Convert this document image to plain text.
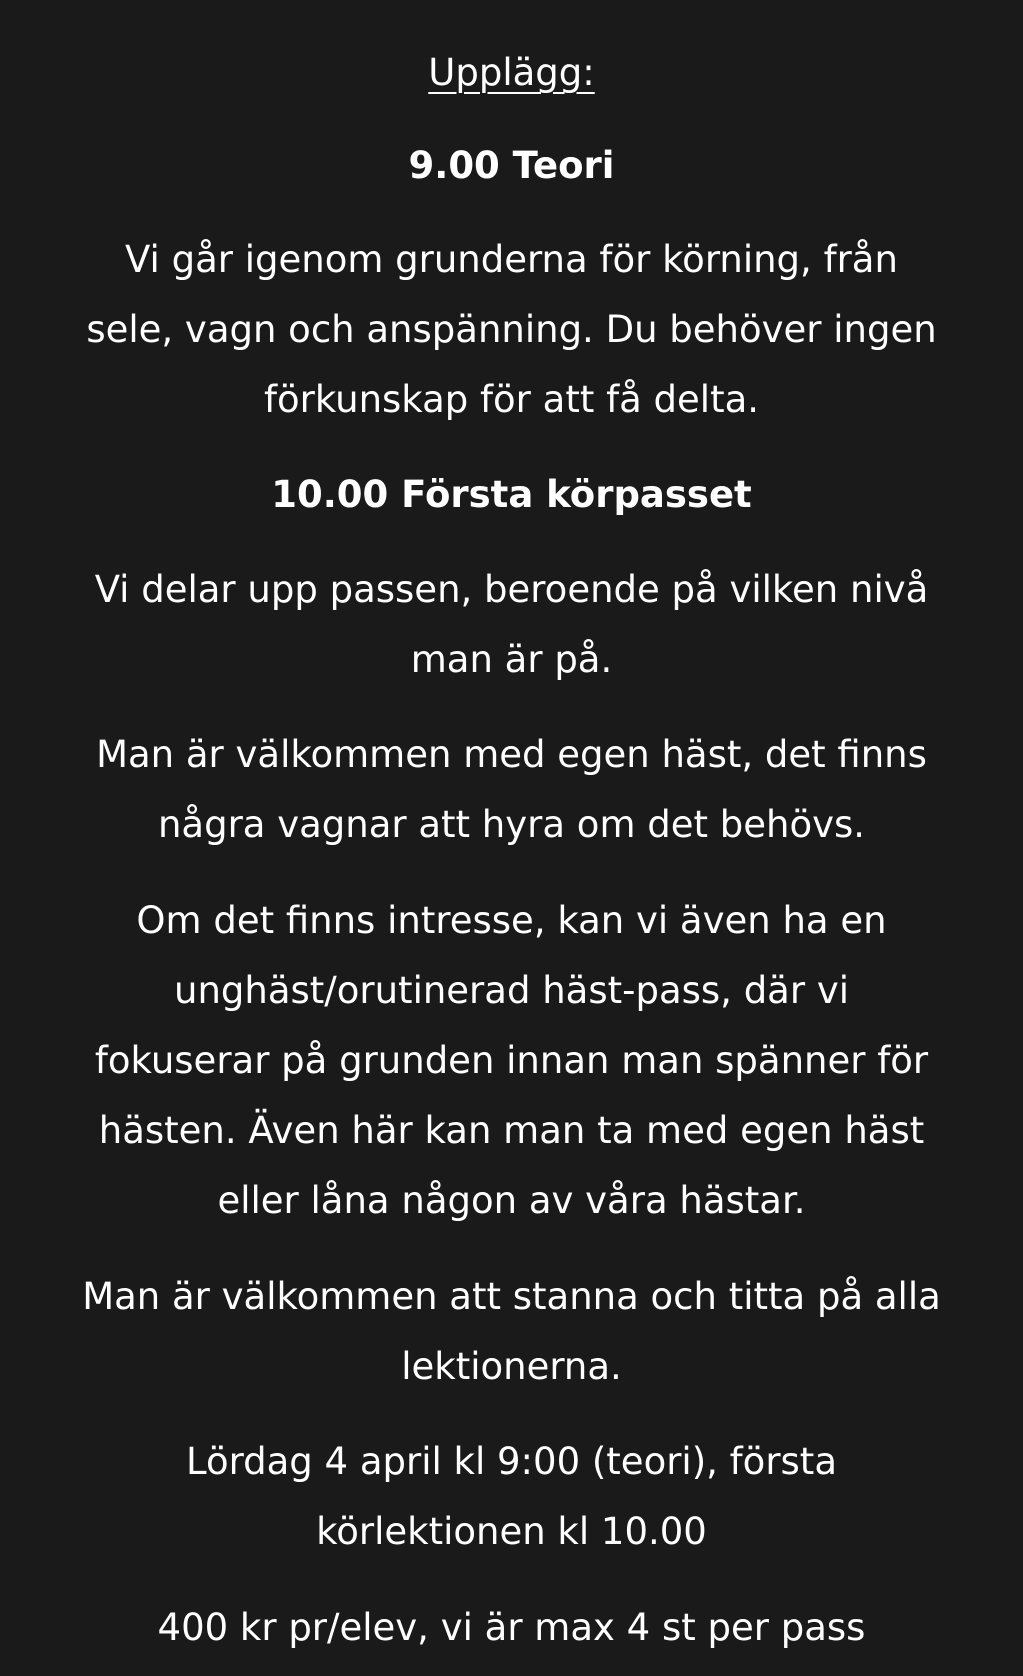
Upplägg:
9.00 Teori

Vi går igenom grunderna för körning, från
sele, vagn och anspänning. Du behöver ingen
förkunskap för att få delta.

10.00 Första körpasset

Vi delar upp passen, beroende på vilken nivå
man är på.

Man är välkommen med egen häst, det finns
några vagnar att hyra om det behövs.

Om det finns intresse, kan vi även ha en
unghäst/orutinerad häst-pass, där vi
fokuserar på grunden innan man spänner för
hästen. Även här kan man ta med egen häst
eller låna någon av våra hästar.

Man är välkommen att stanna och titta på alla
lektionerna.

Lördag 4 april kl 9:00 (teori), första
körlektionen kl 10.00

400 kr pr/elev, vi är max 4 st per pass
